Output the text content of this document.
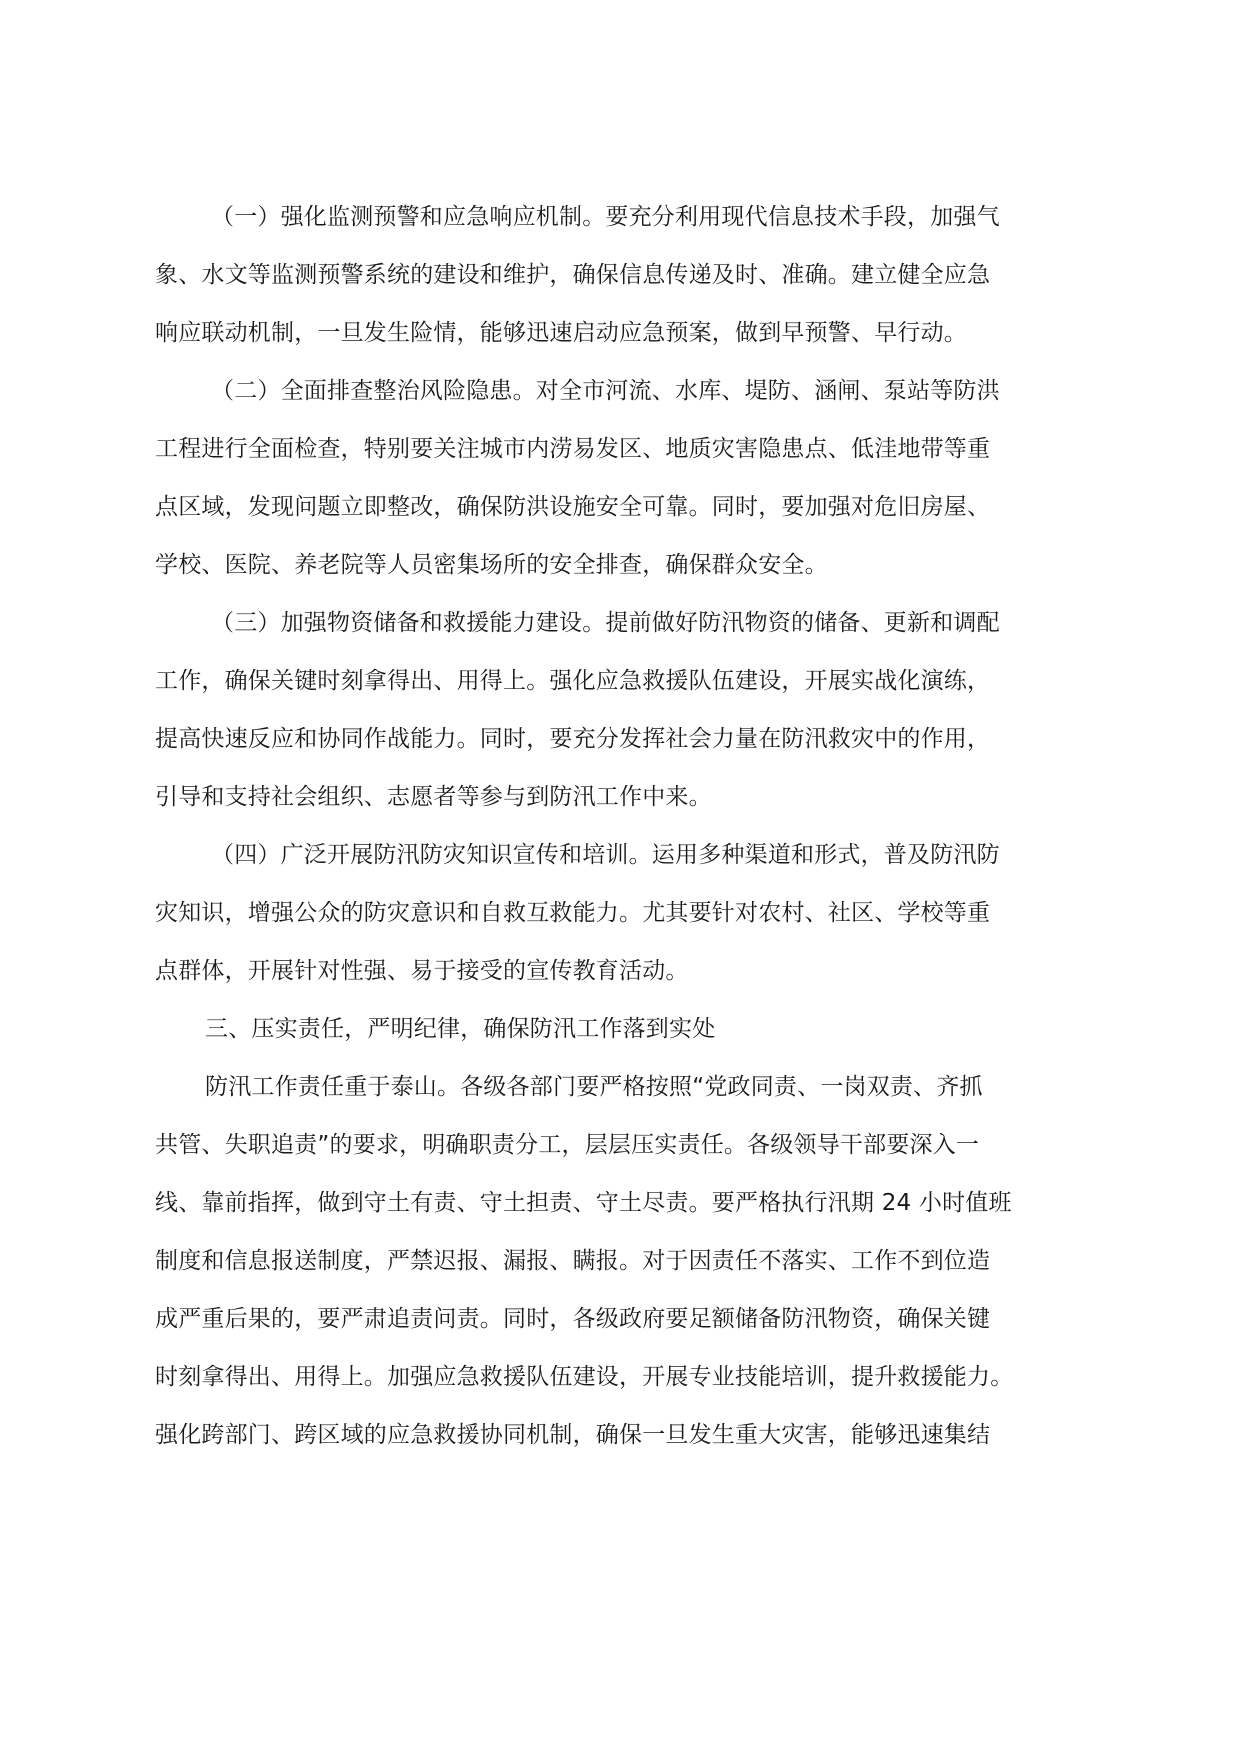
（一）强化监测预警和应急响应机制。要充分利用现代信息技术手段，加强气
象、水文等监测预警系统的建设和维护，确保信息传递及时、准确。建立健全应急
响应联动机制，一旦发生险情，能够迅速启动应急预案，做到早预警、早行动。
（二）全面排查整治风险隐患。对全市河流、水库、堤防、涵闸、泵站等防洪
工程进行全面检查，特别要关注城市内涝易发区、地质灾害隐患点、低洼地带等重
点区域，发现问题立即整改，确保防洪设施安全可靠。同时，要加强对危旧房屋、
学校、医院、养老院等人员密集场所的安全排查，确保群众安全。
（三）加强物资储备和救援能力建设。提前做好防汛物资的储备、更新和调配
工作，确保关键时刻拿得出、用得上。强化应急救援队伍建设，开展实战化演练，
提高快速反应和协同作战能力。同时，要充分发挥社会力量在防汛救灾中的作用，
引导和支持社会组织、志愿者等参与到防汛工作中来。
（四）广泛开展防汛防灾知识宣传和培训。运用多种渠道和形式，普及防汛防
灾知识，增强公众的防灾意识和自救互救能力。尤其要针对农村、社区、学校等重
点群体，开展针对性强、易于接受的宣传教育活动。
三、压实责任，严明纪律，确保防汛工作落到实处
防汛工作责任重于泰山。各级各部门要严格按照“党政同责、一岗双责、齐抓
共管、失职追责”的要求，明确职责分工，层层压实责任。各级领导干部要深入一
线、靠前指挥，做到守土有责、守土担责、守土尽责。要严格执行汛期 24 小时值班
制度和信息报送制度，严禁迟报、漏报、瞒报。对于因责任不落实、工作不到位造
成严重后果的，要严肃追责问责。同时，各级政府要足额储备防汛物资，确保关键
时刻拿得出、用得上。加强应急救援队伍建设，开展专业技能培训，提升救援能力。
强化跨部门、跨区域的应急救援协同机制，确保一旦发生重大灾害，能够迅速集结
